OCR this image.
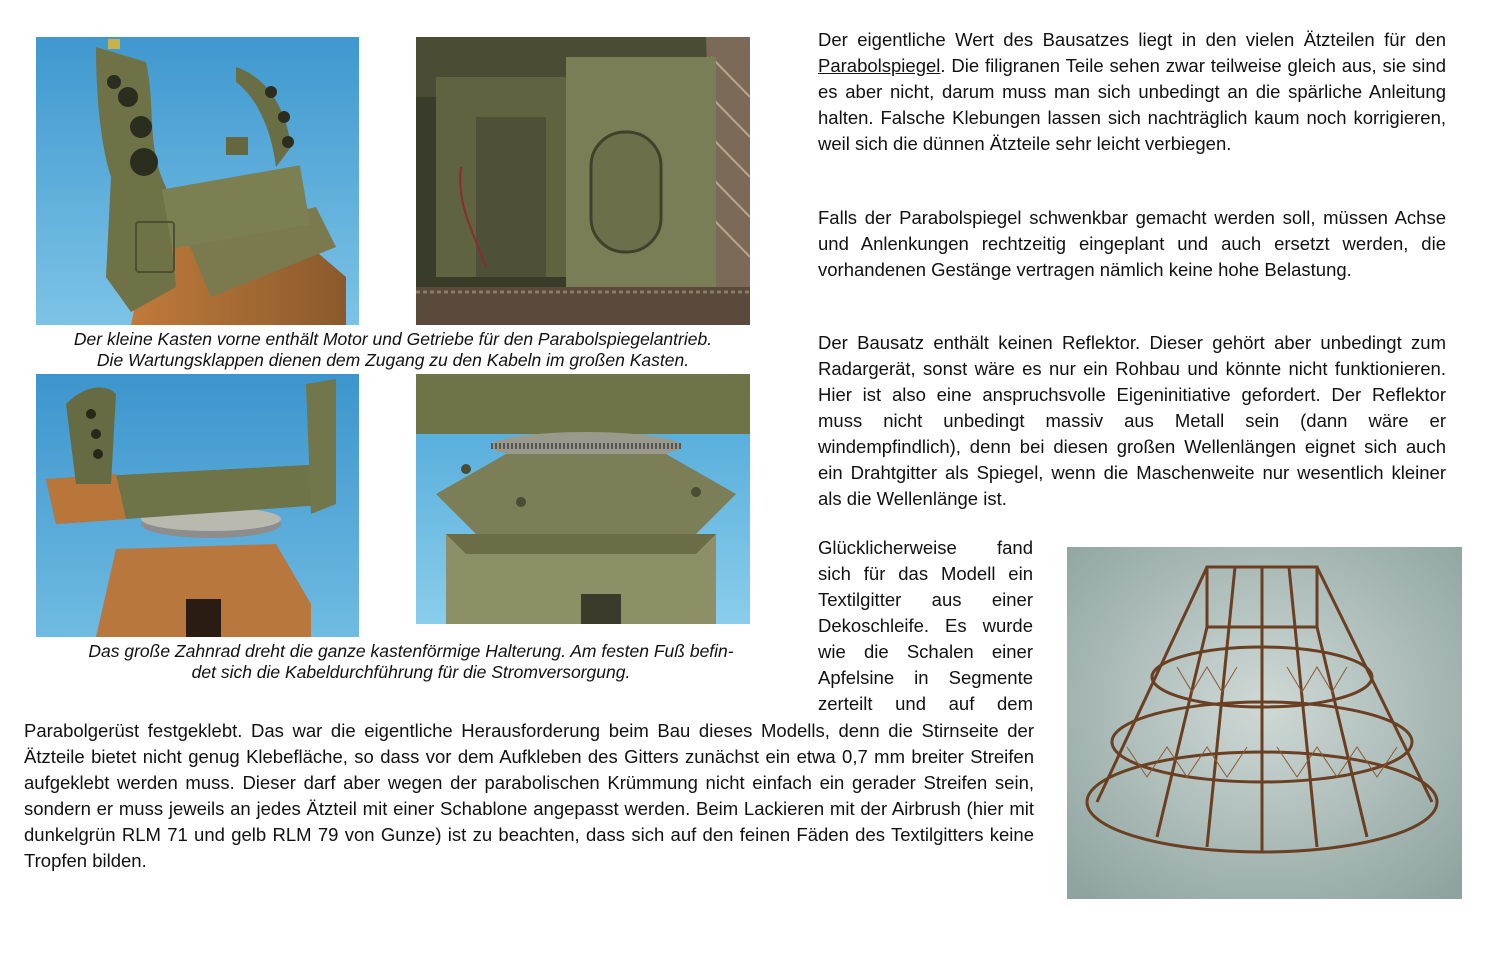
Der kleine Kasten vorne enthält Motor und Getriebe für den Parabolspiegelantrieb.
Die Wartungsklappen dienen dem Zugang zu den Kabeln im großen Kasten.
Das große Zahnrad dreht die ganze kastenförmige Halterung. Am festen Fuß befin-
det sich die Kabeldurchführung für die Stromversorgung.

Der eigentliche Wert des Bausatzes liegt in den vielen Ätzteilen für den Parabolspiegel. Die filigranen Teile sehen zwar teilweise gleich aus, sie sind es aber nicht, darum muss man sich unbedingt an die spärliche Anleitung halten. Falsche Klebungen lassen sich nachträglich kaum noch korrigieren, weil sich die dünnen Ätzteile sehr leicht verbiegen.

Falls der Parabolspiegel schwenkbar gemacht werden soll, müssen Achse und Anlenkungen rechtzeitig eingeplant und auch ersetzt werden, die vorhandenen Gestänge vertragen nämlich keine hohe Belastung.

Der Bausatz enthält keinen Reflektor. Dieser gehört aber unbedingt zum Radargerät, sonst wäre es nur ein Rohbau und könnte nicht funktionieren. Hier ist also eine anspruchsvolle Eigeninitiative gefordert. Der Reflektor muss nicht unbedingt massiv aus Metall sein (dann wäre er windempfindlich), denn bei diesen großen Wellenlängen eignet sich auch ein Drahtgitter als Spiegel, wenn die Maschenweite nur wesentlich kleiner als die Wellenlänge ist.

Glücklicherweise fand
sich für das Modell ein
Textilgitter aus einer
Dekoschleife. Es wurde
wie die Schalen einer
Apfelsine in Segmente
zerteilt und auf dem

Parabolgerüst festgeklebt. Das war die eigentliche Herausforderung beim Bau dieses Modells, denn die Stirnseite der Ätzteile bietet nicht genug Klebefläche, so dass vor dem Aufkleben des Gitters zunächst ein etwa 0,7 mm breiter Streifen aufgeklebt werden muss. Dieser darf aber wegen der parabolischen Krümmung nicht einfach ein gerader Streifen sein, sondern er muss jeweils an jedes Ätzteil mit einer Schablone angepasst werden. Beim Lackieren mit der Airbrush (hier mit dunkelgrün RLM 71 und gelb RLM 79 von Gunze) ist zu beachten, dass sich auf den feinen Fäden des Textilgitters keine Tropfen bilden.
